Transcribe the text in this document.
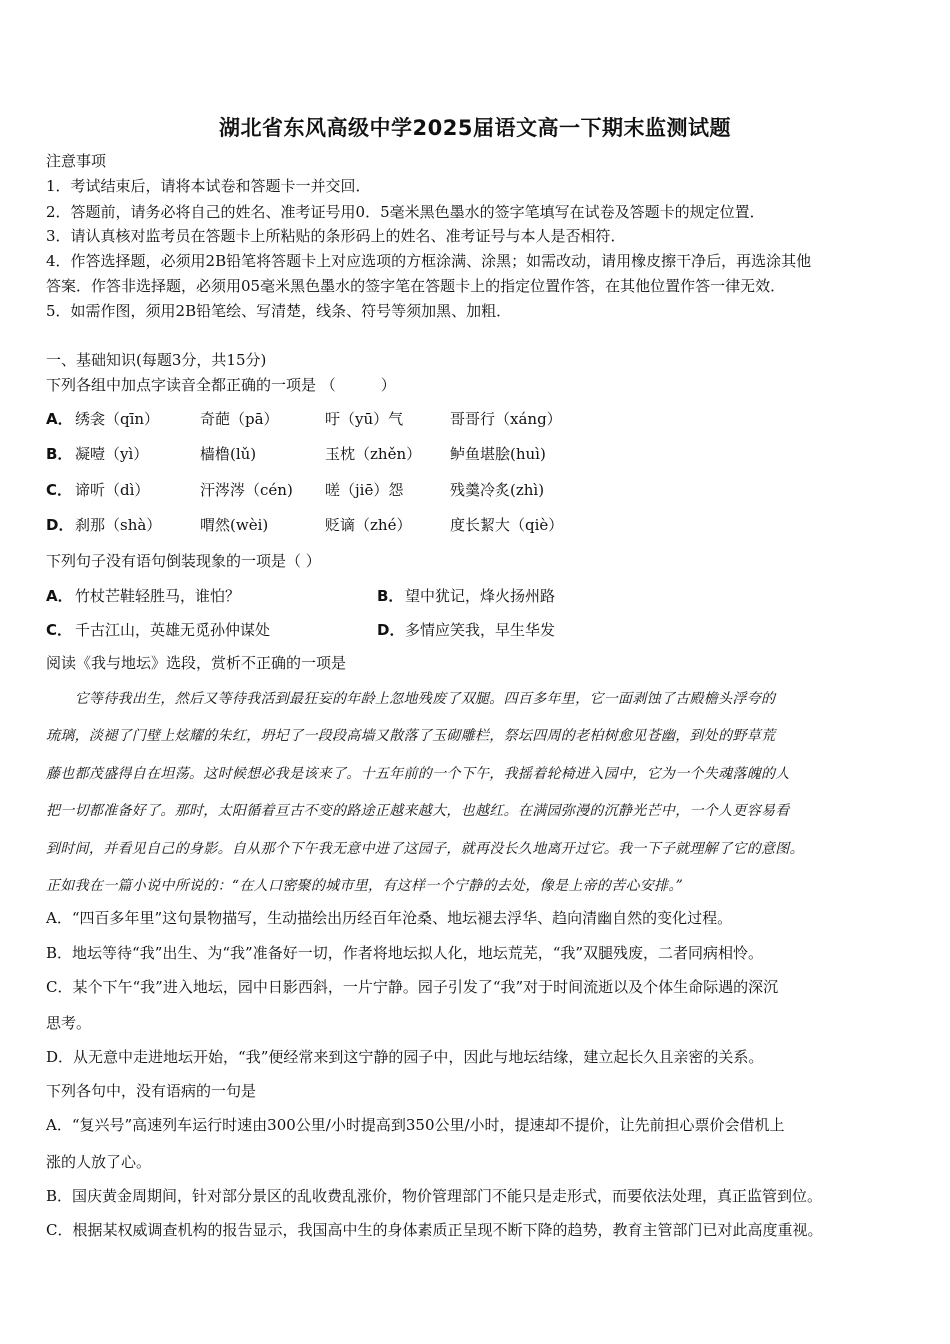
湖北省东风高级中学2025届语文高一下期末监测试题
注意事项
1．考试结束后，请将本试卷和答题卡一并交回．
2．答题前，请务必将自己的姓名、准考证号用0．5毫米黑色墨水的签字笔填写在试卷及答题卡的规定位置．
3．请认真核对监考员在答题卡上所粘贴的条形码上的姓名、准考证号与本人是否相符．
4．作答选择题，必须用2B铅笔将答题卡上对应选项的方框涂满、涂黑；如需改动，请用橡皮擦干净后，再选涂其他
答案．作答非选择题，必须用05毫米黑色墨水的签字笔在答题卡上的指定位置作答，在其他位置作答一律无效．
5．如需作图，须用2B铅笔绘、写清楚，线条、符号等须加黑、加粗．
一、基础知识(每题3分，共15分)
下列各组中加点字读音全都正确的一项是 （　　　）
A． 绣衾（qīn）	奇葩（pā）	吁（yū）气	哥哥行（xáng）
B． 凝噎（yì）	樯橹(lǔ)	玉枕（zhěn） 鲈鱼堪脍(huì)
C． 谛听（dì）	汗涔涔（cén) 嗟（jiē）怨	残羹冷炙(zhì)
D． 刹那（shà）	喟然(wèi)	贬谪（zhé）	度长絜大（qiè）
下列句子没有语句倒装现象的一项是（ ）
A． 竹杖芒鞋轻胜马，谁怕？	B． 望中犹记，烽火扬州路
C． 千古江山，英雄无觅孙仲谋处	D． 多情应笑我，早生华发
阅读《我与地坛》选段，赏析不正确的一项是
　　它等待我出生，然后又等待我活到最狂妄的年龄上忽地残废了双腿。四百多年里，它一面剥蚀了古殿檐头浮夸的
琉璃，淡褪了门壁上炫耀的朱红，坍圮了一段段高墙又散落了玉砌雕栏，祭坛四周的老柏树愈见苍幽，到处的野草荒
藤也都茂盛得自在坦荡。这时候想必我是该来了。十五年前的一个下午，我摇着轮椅进入园中，它为一个失魂落魄的人
把一切都准备好了。那时，太阳循着亘古不变的路途正越来越大，也越红。在满园弥漫的沉静光芒中，一个人更容易看
到时间，并看见自己的身影。自从那个下午我无意中进了这园子，就再没长久地离开过它。我一下子就理解了它的意图。
正如我在一篇小说中所说的：“在人口密聚的城市里，有这样一个宁静的去处，像是上帝的苦心安排。”
A．“四百多年里”这句景物描写，生动描绘出历经百年沧桑、地坛褪去浮华、趋向清幽自然的变化过程。
B．地坛等待“我”出生、为“我”准备好一切，作者将地坛拟人化，地坛荒芜，“我”双腿残废，二者同病相怜。
C．某个下午“我”进入地坛，园中日影西斜，一片宁静。园子引发了“我”对于时间流逝以及个体生命际遇的深沉
思考。
D．从无意中走进地坛开始，“我”便经常来到这宁静的园子中，因此与地坛结缘，建立起长久且亲密的关系。
下列各句中，没有语病的一句是
A．“复兴号”高速列车运行时速由300公里/小时提高到350公里/小时，提速却不提价，让先前担心票价会借机上
涨的人放了心。
B．国庆黄金周期间，针对部分景区的乱收费乱涨价，物价管理部门不能只是走形式，而要依法处理，真正监管到位。
C．根据某权威调查机构的报告显示，我国高中生的身体素质正呈现不断下降的趋势，教育主管部门已对此高度重视。
